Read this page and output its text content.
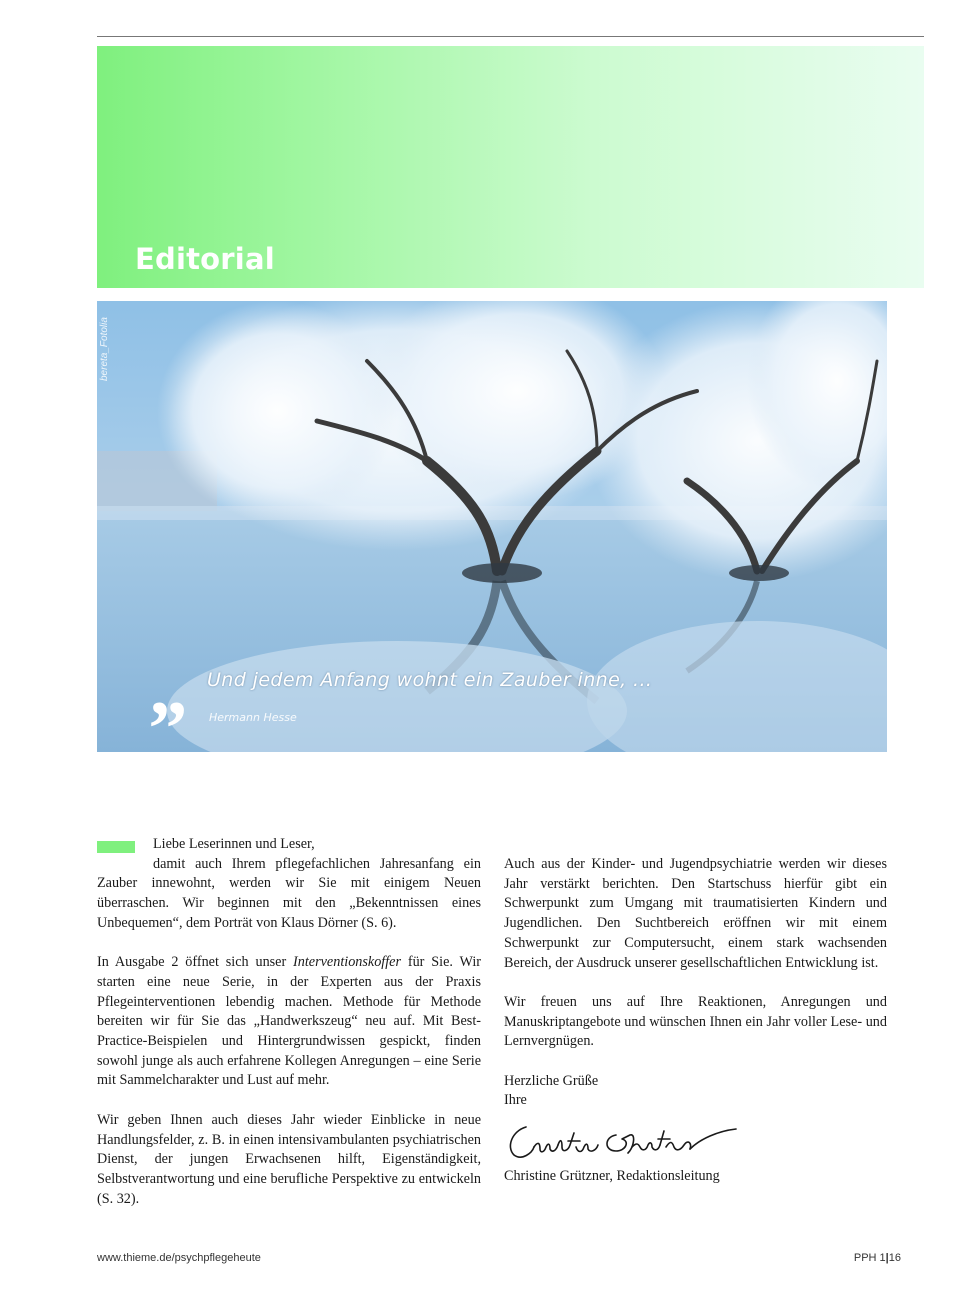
Editorial
bereta_Fotolia
„ Und jedem Anfang wohnt ein Zauber inne, ...
Hermann Hesse

Liebe Leserinnen und Leser,

damit auch Ihrem pflegefachlichen Jahresanfang ein Zauber innewohnt, werden wir Sie mit einigem Neuen überraschen. Wir beginnen mit den „Bekenntnissen eines Unbequemen“, dem Porträt von Klaus Dörner (S. 6).

In Ausgabe 2 öffnet sich unser Interventionskoffer für Sie. Wir starten eine neue Serie, in der Experten aus der Praxis Pflegeinterventionen lebendig machen. Methode für Methode bereiten wir für Sie das „Handwerkszeug“ neu auf. Mit Best-Practice-Beispielen und Hintergrundwissen gespickt, finden sowohl junge als auch erfahrene Kollegen Anregungen – eine Serie mit Sammelcharakter und Lust auf mehr.

Wir geben Ihnen auch dieses Jahr wieder Einblicke in neue Handlungsfelder, z. B. in einen intensivambulanten psychiatrischen Dienst, der jungen Erwachsenen hilft, Eigenständigkeit, Selbstverantwortung und eine berufliche Perspektive zu entwickeln (S. 32).

Auch aus der Kinder- und Jugendpsychiatrie werden wir dieses Jahr verstärkt berichten. Den Startschuss hierfür gibt ein Schwerpunkt zum Umgang mit traumatisierten Kindern und Jugendlichen. Den Suchtbereich eröffnen wir mit einem Schwerpunkt zur Computersucht, einem stark wachsenden Bereich, der Ausdruck unserer gesellschaftlichen Entwicklung ist.

Wir freuen uns auf Ihre Reaktionen, Anregungen und Manuskriptangebote und wünschen Ihnen ein Jahr voller Lese- und Lernvergnügen.

Herzliche Grüße

Ihre

Christine Grützner, Redaktionsleitung

www.thieme.de/psychpflegeheute	PPH 1|16
